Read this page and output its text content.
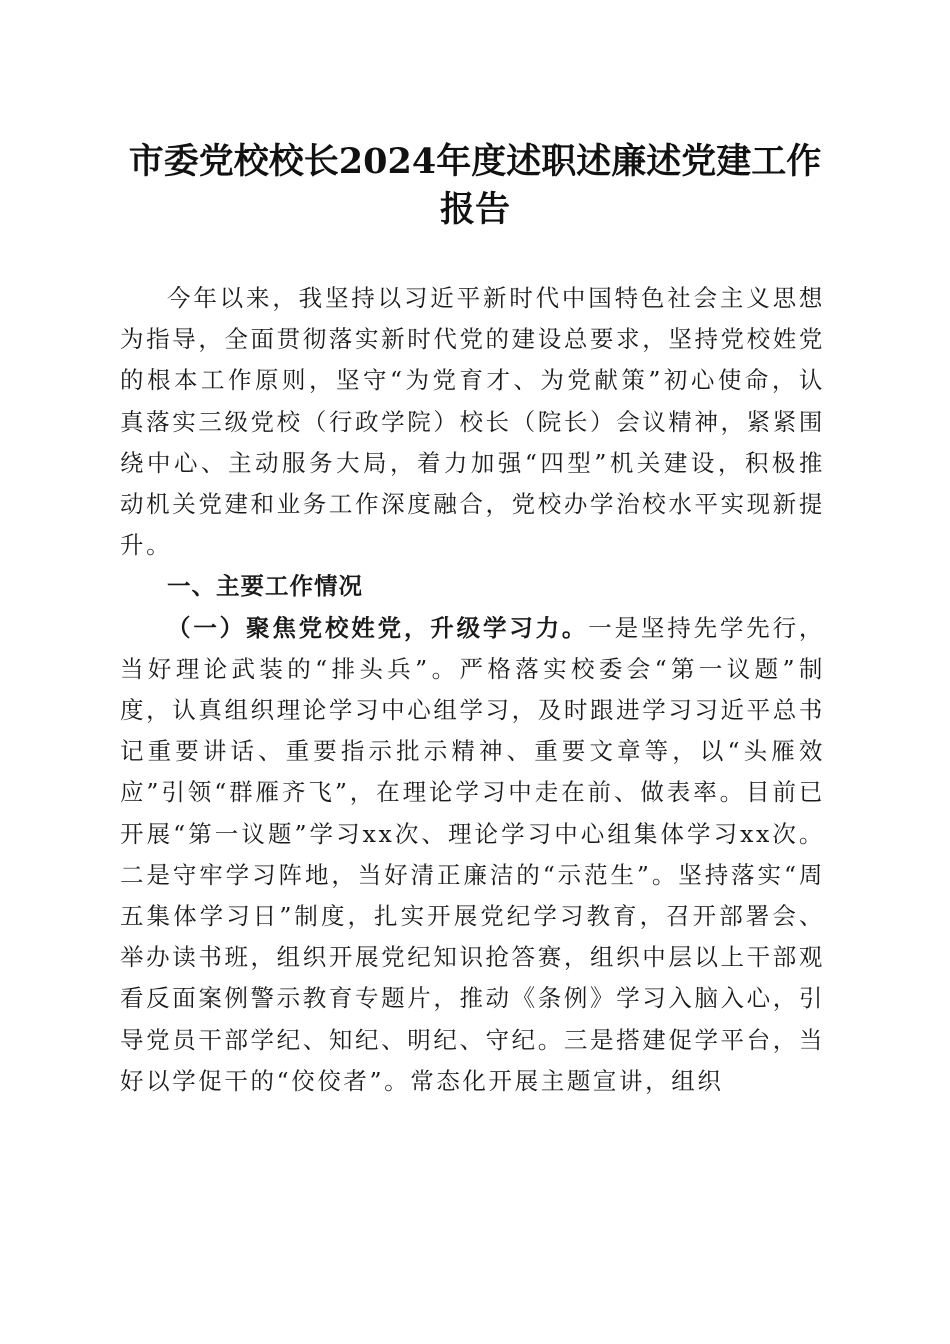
市委党校校长2024年度述职述廉述党建工作
报告

今年以来，我坚持以习近平新时代中国特色社会主义思想为指导，全面贯彻落实新时代党的建设总要求，坚持党校姓党的根本工作原则，坚守“为党育才、为党献策”初心使命，认真落实三级党校（行政学院）校长（院长）会议精神，紧紧围绕中心、主动服务大局，着力加强“四型”机关建设，积极推动机关党建和业务工作深度融合，党校办学治校水平实现新提升。

一、主要工作情况

（一）聚焦党校姓党，升级学习力。一是坚持先学先行，当好理论武装的“排头兵”。严格落实校委会“第一议题”制度，认真组织理论学习中心组学习，及时跟进学习习近平总书记重要讲话、重要指示批示精神、重要文章等，以“头雁效应”引领“群雁齐飞”，在理论学习中走在前、做表率。目前已开展“第一议题”学习xx次、理论学习中心组集体学习xx次。二是守牢学习阵地，当好清正廉洁的“示范生”。坚持落实“周五集体学习日”制度，扎实开展党纪学习教育，召开部署会、举办读书班，组织开展党纪知识抢答赛，组织中层以上干部观看反面案例警示教育专题片，推动《条例》学习入脑入心，引导党员干部学纪、知纪、明纪、守纪。三是搭建促学平台，当好以学促干的“佼佼者”。常态化开展主题宣讲，组织
